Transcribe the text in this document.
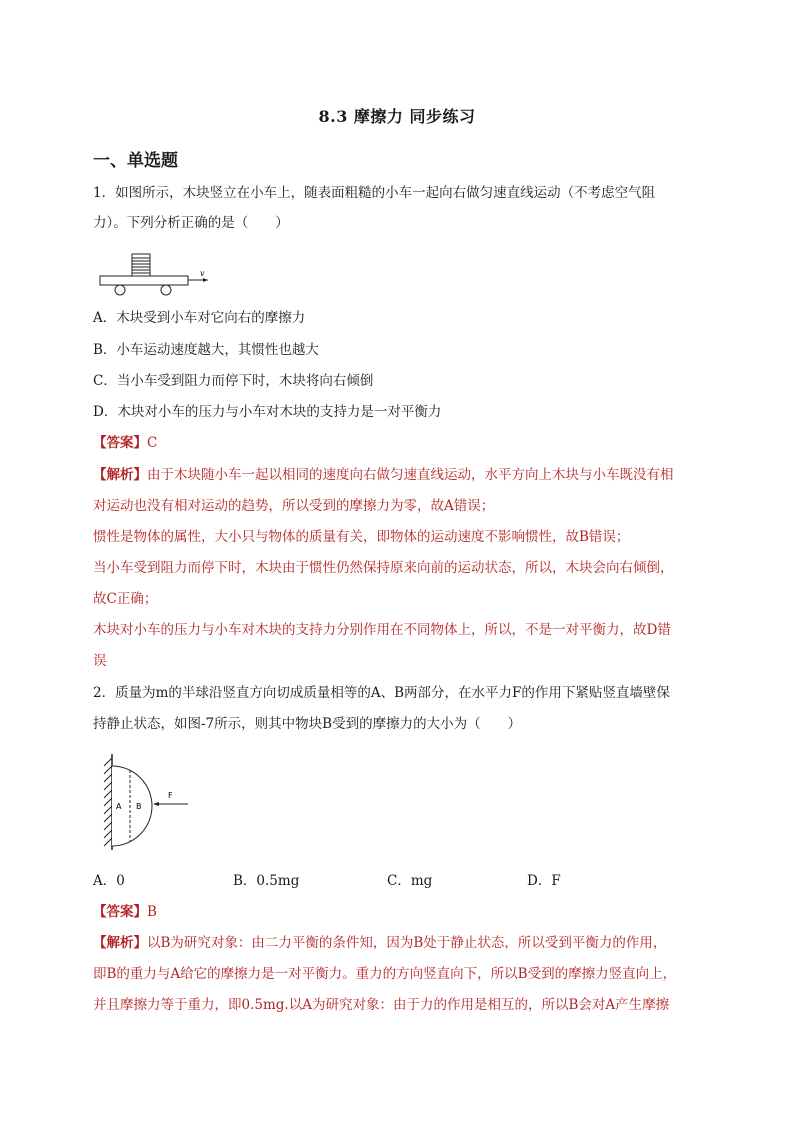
8.3 摩擦力 同步练习
一、单选题
1．如图所示，木块竖立在小车上，随表面粗糙的小车一起向右做匀速直线运动（不考虑空气阻
力）。下列分析正确的是（　　）
v
A．木块受到小车对它向右的摩擦力
B．小车运动速度越大，其惯性也越大
C．当小车受到阻力而停下时，木块将向右倾倒
D．木块对小车的压力与小车对木块的支持力是一对平衡力
【答案】C
【解析】由于木块随小车一起以相同的速度向右做匀速直线运动，水平方向上木块与小车既没有相
对运动也没有相对运动的趋势，所以受到的摩擦力为零，故A错误；
惯性是物体的属性，大小只与物体的质量有关，即物体的运动速度不影响惯性，故B错误；
当小车受到阻力而停下时，木块由于惯性仍然保持原来向前的运动状态，所以，木块会向右倾倒，
故C正确；
木块对小车的压力与小车对木块的支持力分别作用在不同物体上，所以，不是一对平衡力，故D错
误
2．质量为m的半球沿竖直方向切成质量相等的A、B两部分，在水平力F的作用下紧贴竖直墙壁保
持静止状态，如图-7所示，则其中物块B受到的摩擦力的大小为（　　）
A B
F
A．0	B．0.5mg	C．mg	D．F
【答案】B
【解析】以B为研究对象：由二力平衡的条件知，因为B处于静止状态，所以受到平衡力的作用，
即B的重力与A给它的摩擦力是一对平衡力。重力的方向竖直向下，所以B受到的摩擦力竖直向上，
并且摩擦力等于重力，即0.5mg.以A为研究对象：由于力的作用是相互的，所以B会对A产生摩擦
